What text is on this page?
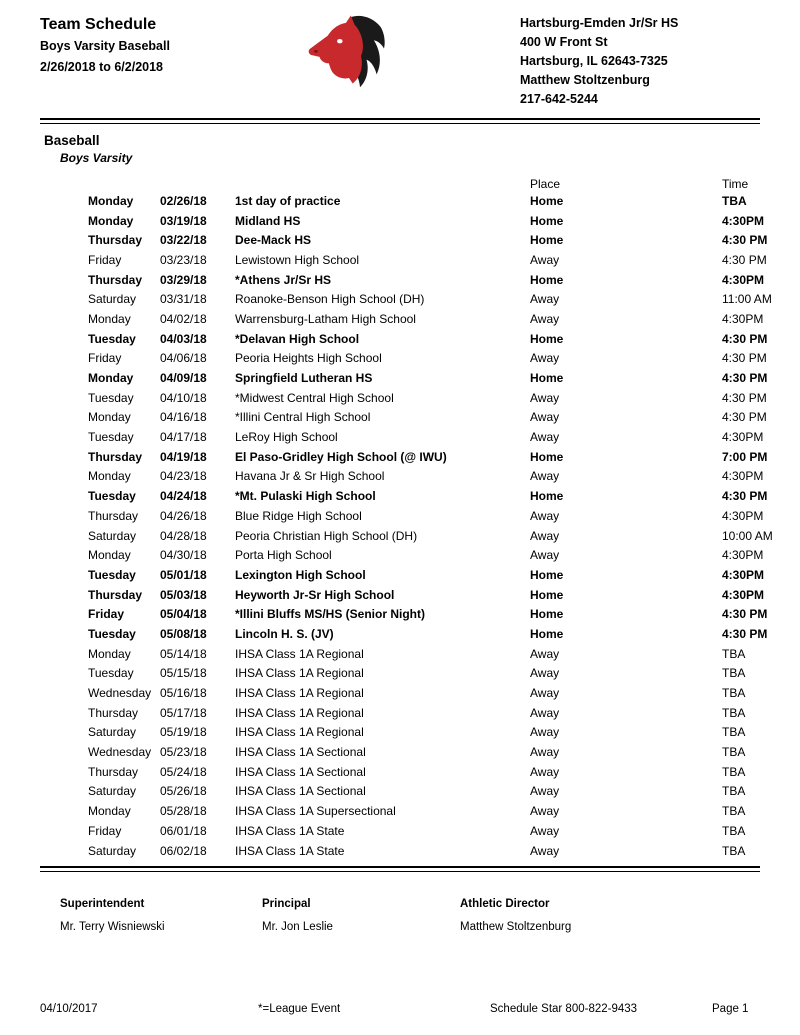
Team Schedule
Boys Varsity Baseball
2/26/2018 to 6/2/2018
Hartsburg-Emden Jr/Sr HS
400 W Front St
Hartsburg, IL 62643-7325
Matthew Stoltzenburg
217-642-5244
Baseball
Boys Varsity
			Place	Time
Monday	02/26/18	1st day of practice	Home	TBA
Monday	03/19/18	Midland HS	Home	4:30PM
Thursday	03/22/18	Dee-Mack HS	Home	4:30 PM
Friday	03/23/18	Lewistown High School	Away	4:30 PM
Thursday	03/29/18	*Athens Jr/Sr HS	Home	4:30PM
Saturday	03/31/18	Roanoke-Benson High School (DH)	Away	11:00 AM
Monday	04/02/18	Warrensburg-Latham High School	Away	4:30PM
Tuesday	04/03/18	*Delavan High School	Home	4:30 PM
Friday	04/06/18	Peoria Heights High School	Away	4:30 PM
Monday	04/09/18	Springfield Lutheran HS	Home	4:30 PM
Tuesday	04/10/18	*Midwest Central High School	Away	4:30 PM
Monday	04/16/18	*Illini Central High School	Away	4:30 PM
Tuesday	04/17/18	LeRoy High School	Away	4:30PM
Thursday	04/19/18	El Paso-Gridley High School (@ IWU)	Home	7:00 PM
Monday	04/23/18	Havana Jr & Sr High School	Away	4:30PM
Tuesday	04/24/18	*Mt. Pulaski High School	Home	4:30 PM
Thursday	04/26/18	Blue Ridge High School	Away	4:30PM
Saturday	04/28/18	Peoria Christian High School (DH)	Away	10:00 AM
Monday	04/30/18	Porta High School	Away	4:30PM
Tuesday	05/01/18	Lexington High School	Home	4:30PM
Thursday	05/03/18	Heyworth Jr-Sr High School	Home	4:30PM
Friday	05/04/18	*Illini Bluffs MS/HS (Senior Night)	Home	4:30 PM
Tuesday	05/08/18	Lincoln H. S. (JV)	Home	4:30 PM
Monday	05/14/18	IHSA Class 1A Regional	Away	TBA
Tuesday	05/15/18	IHSA Class 1A Regional	Away	TBA
Wednesday	05/16/18	IHSA Class 1A Regional	Away	TBA
Thursday	05/17/18	IHSA Class 1A Regional	Away	TBA
Saturday	05/19/18	IHSA Class 1A Regional	Away	TBA
Wednesday	05/23/18	IHSA Class 1A Sectional	Away	TBA
Thursday	05/24/18	IHSA Class 1A Sectional	Away	TBA
Saturday	05/26/18	IHSA Class 1A Sectional	Away	TBA
Monday	05/28/18	IHSA Class 1A Supersectional	Away	TBA
Friday	06/01/18	IHSA Class 1A State	Away	TBA
Saturday	06/02/18	IHSA Class 1A State	Away	TBA
Superintendent
Mr. Terry Wisniewski
Principal
Mr. Jon Leslie
Athletic Director
Matthew Stoltzenburg
04/10/2017	*=League Event	Schedule Star 800-822-9433	Page 1
